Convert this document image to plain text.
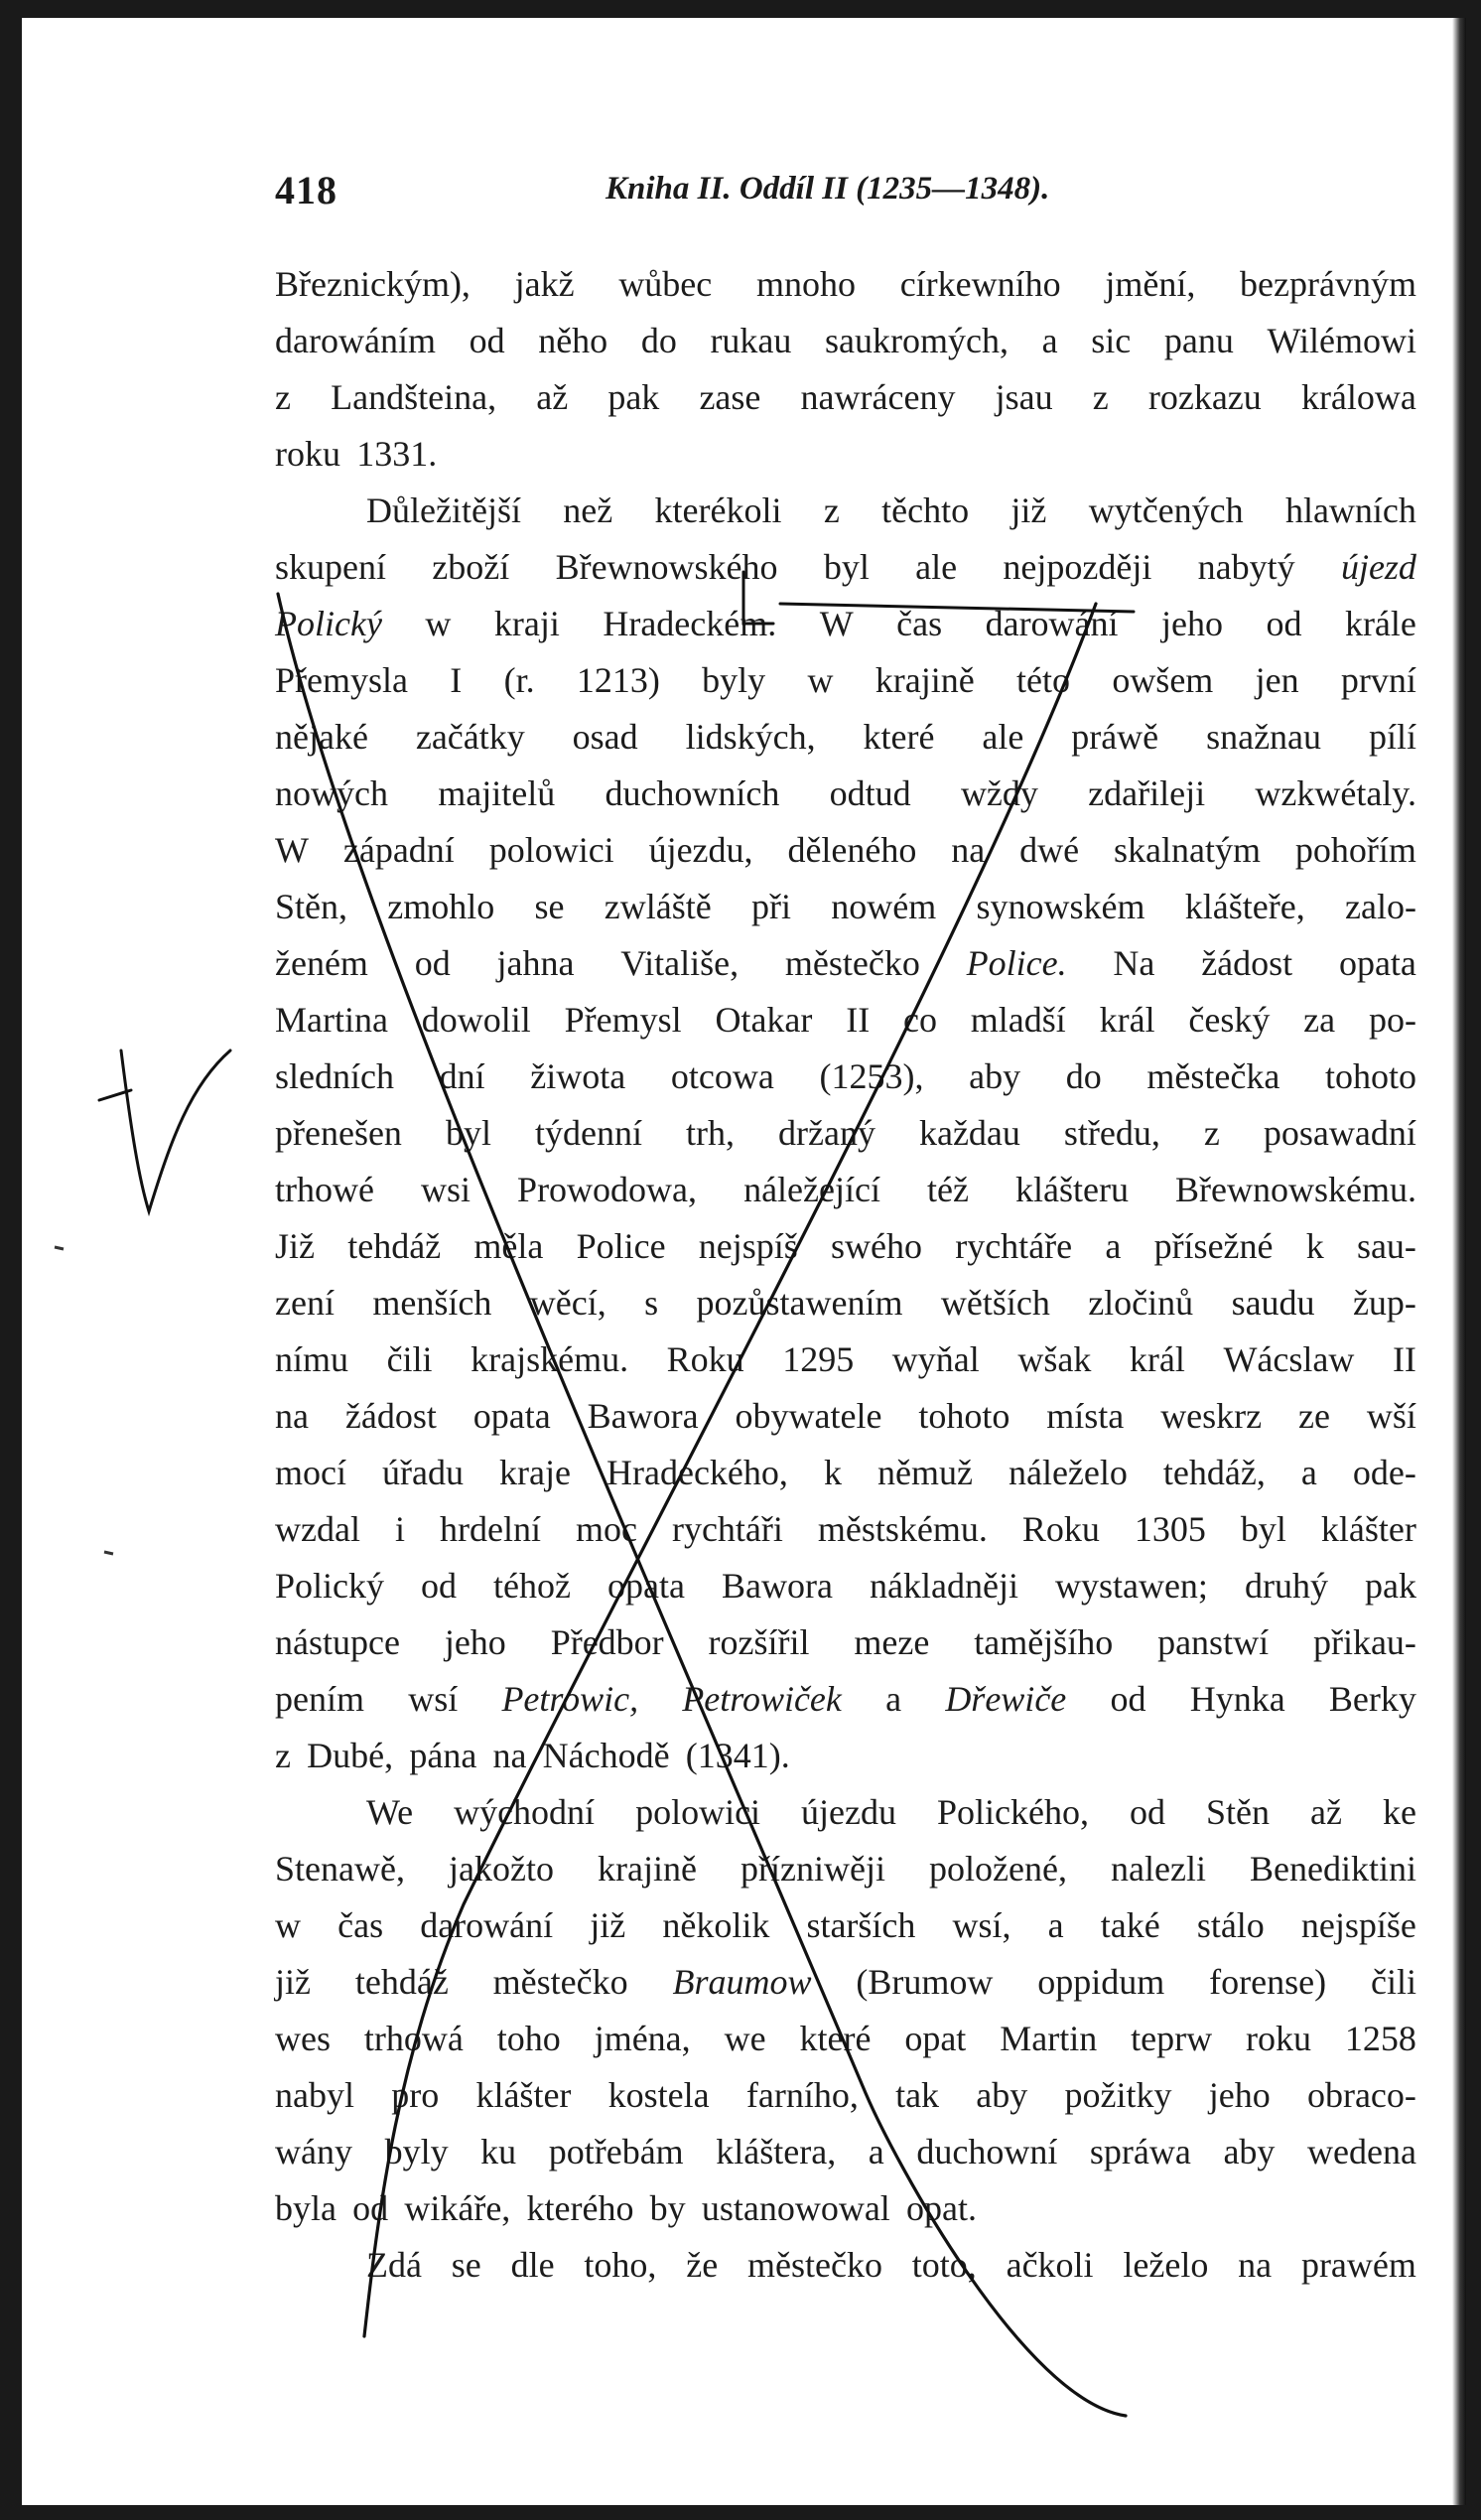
418	Kniha II. Oddíl II (1235—1348).
Březnickým), jakž wůbec mnoho církewního jmění, bezprávným
darowáním od něho do rukau saukromých, a sic panu Wilémowi
z Landšteina, až pak zase nawráceny jsau z rozkazu králowa
roku 1331.
Důležitější než kterékoli z těchto již wytčených hlawních
skupení zboží Břewnowského byl ale nejpozději nabytý újezd
Polický w kraji Hradeckém. W čas darowání jeho od krále
Přemysla I (r. 1213) byly w krajině této owšem jen první
nějaké začátky osad lidských, které ale práwě snažnau pílí
nowých majitelů duchowních odtud wždy zdařileji wzkwétaly.
W západní polowici újezdu, děleného na dwé skalnatým pohořím
Stěn, zmohlo se zwláště při nowém synowském klášteře, zalo-
ženém od jahna Vitališe, městečko Police. Na žádost opata
Martina dowolil Přemysl Otakar II co mladší král český za po-
sledních dní žiwota otcowa (1253), aby do městečka tohoto
přenešen byl týdenní trh, držaný každau středu, z posawadní
trhowé wsi Prowodowa, náležející též klášteru Břewnowskému.
Již tehdáž měla Police nejspíš swého rychtáře a přísežné k sau-
zení menších wěcí, s pozůstawením wětších zločinů saudu žup-
nímu čili krajskému. Roku 1295 wyňal wšak král Wácslaw II
na žádost opata Bawora obywatele tohoto místa weskrz ze wší
mocí úřadu kraje Hradeckého, k němuž náleželo tehdáž, a ode-
wzdal i hrdelní moc rychtáři městskému. Roku 1305 byl klášter
Polický od téhož opata Bawora nákladněji wystawen; druhý pak
nástupce jeho Předbor rozšířil meze tamějšího panstwí přikau-
pením wsí Petrowic, Petrowiček a Dřewiče od Hynka Berky
z Dubé, pána na Náchodě (1341).
We wýchodní polowici újezdu Polického, od Stěn až ke
Stenawě, jakožto krajině přízniwěji položené, nalezli Benediktini
w čas darowání již několik starších wsí, a také stálo nejspíše
již tehdáž městečko Braumow (Brumow oppidum forense) čili
wes trhowá toho jména, we které opat Martin teprw roku 1258
nabyl pro klášter kostela farního, tak aby požitky jeho obraco-
wány byly ku potřebám kláštera, a duchowní spráwa aby wedena
byla od wikáře, kterého by ustanowowal opat.
Zdá se dle toho, že městečko toto, ačkoli leželo na prawém
